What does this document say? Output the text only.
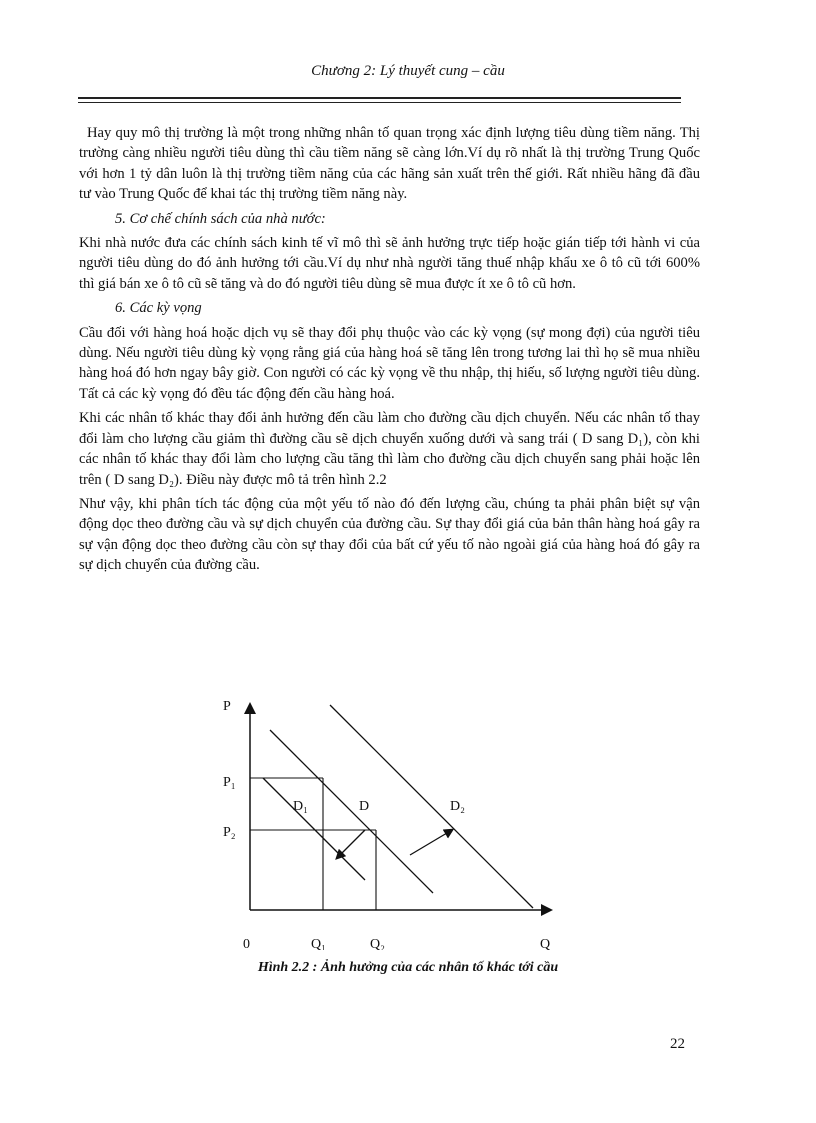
Chương 2: Lý thuyết cung – cầu

Hay quy mô thị trường là một trong những nhân tố quan trọng xác định lượng tiêu dùng tiềm năng. Thị trường càng nhiều người tiêu dùng thì cầu tiềm năng sẽ càng lớn.Ví dụ rõ nhất là thị trường Trung Quốc với hơn 1 tỷ dân luôn là thị trường tiềm năng của các hãng sản xuất trên thế giới. Rất nhiều hãng đã đầu tư vào Trung Quốc để khai tác thị trường tiềm năng này.

5. Cơ chế chính sách của nhà nước:

Khi nhà nước đưa các chính sách kinh tế vĩ mô thì sẽ ảnh hưởng trực tiếp hoặc gián tiếp tới hành vi của người tiêu dùng do đó ảnh hưởng tới cầu.Ví dụ như nhà người tăng thuế nhập khẩu xe ô tô cũ tới 600% thì giá bán xe ô tô cũ sẽ tăng và do đó người tiêu dùng sẽ mua được ít xe ô tô cũ hơn.

6. Các kỳ vọng

Cầu đối với hàng hoá hoặc dịch vụ sẽ thay đổi phụ thuộc vào các kỳ vọng (sự mong đợi) của người tiêu dùng. Nếu người tiêu dùng kỳ vọng rằng giá của hàng hoá sẽ tăng lên trong tương lai thì họ sẽ mua nhiều hàng hoá đó hơn ngay bây giờ. Con người có các kỳ vọng về thu nhập, thị hiếu, số lượng người tiêu dùng. Tất cả các kỳ vọng đó đều tác động đến cầu hàng hoá.

Khi các nhân tố khác thay đổi ảnh hưởng đến cầu làm cho đường cầu dịch chuyển. Nếu các nhân tố thay đổi làm cho lượng cầu giảm thì đường cầu sẽ dịch chuyển xuống dưới và sang trái ( D sang D₁), còn khi các nhân tố khác thay đổi làm cho lượng cầu tăng thì làm cho đường cầu dịch chuyển sang phải hoặc lên trên ( D sang D₂). Điều này được mô tả trên hình 2.2

Như vậy, khi phân tích tác động của một yếu tố nào đó đến lượng cầu, chúng ta phải phân biệt sự vận động dọc theo đường cầu và sự dịch chuyển của đường cầu. Sự thay đổi giá của bản thân hàng hoá gây ra sự vận động dọc theo đường cầu còn sự thay đổi của bất cứ yếu tố nào ngoài giá của hàng hoá đó gây ra sự dịch chuyển của đường cầu.

P
Q
0
P₁
P₂
Q₁	Q₂
D₁	D	D₂
Hình 2.2 : Ảnh hưởng của các nhân tố khác tới cầu
22
